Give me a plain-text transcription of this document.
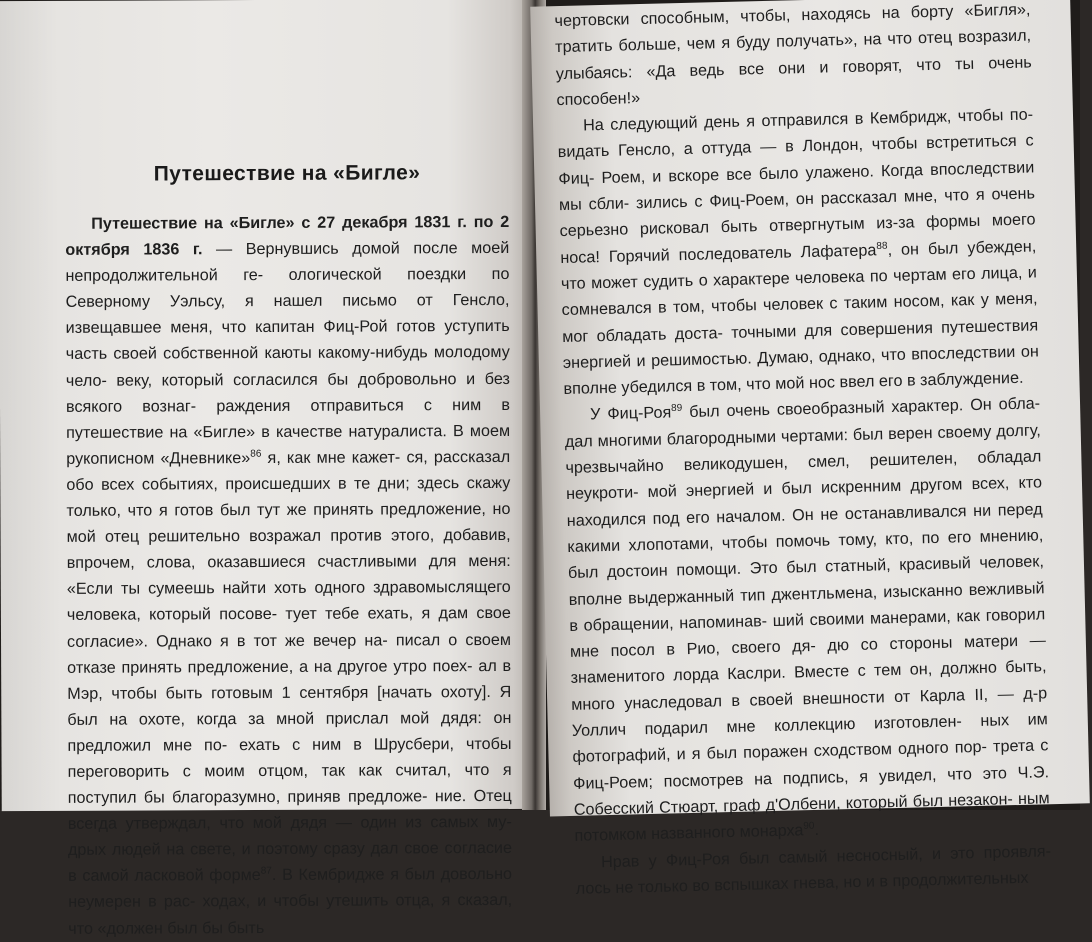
Путешествие на «Бигле»

Путешествие на «Бигле» с 27 декабря 1831 г. по 2 октября 1836 г. — Вернувшись домой после моей непродолжительной ге- ологической поездки по Северному Уэльсу, я нашел письмо от Генсло, извещавшее меня, что капитан Фиц-Рой готов уступить часть своей собственной каюты какому-нибудь молодому чело- веку, который согласился бы добровольно и без всякого вознаг- раждения отправиться с ним в путешествие на «Бигле» в качестве натуралиста. В моем рукописном «Дневнике»$^{86}$ я, как мне кажет- ся, рассказал обо всех событиях, происшедших в те дни; здесь скажу только, что я готов был тут же принять предложение, но мой отец решительно возражал против этого, добавив, впрочем, слова, оказавшиеся счастливыми для меня: «Если ты сумеешь найти хоть одного здравомыслящего человека, который посове- тует тебе ехать, я дам свое согласие». Однако я в тот же вечер на- писал о своем отказе принять предложение, а на другое утро поех- ал в Мэр, чтобы быть готовым 1 сентября [начать охоту]. Я был на охоте, когда за мной прислал мой дядя: он предложил мне по- ехать с ним в Шрусбери, чтобы переговорить с моим отцом, так как считал, что я поступил бы благоразумно, приняв предложе- ние. Отец всегда утверждал, что мой дядя — один из самых му- дрых людей на свете, и поэтому сразу дал свое согласие в самой ласковой форме$^{87}$. В Кембридже я был довольно неумерен в рас- ходах, и чтобы утешить отца, я сказал, что «должен был бы быть

чертовски способным, чтобы, находясь на борту «Бигля», тратить больше, чем я буду получать», на что отец возразил, улыбаясь: «Да ведь все они и говорят, что ты очень способен!»

На следующий день я отправился в Кембридж, чтобы по- видать Генсло, а оттуда — в Лондон, чтобы встретиться с Фиц- Роем, и вскоре все было улажено. Когда впоследствии мы сбли- зились с Фиц-Роем, он рассказал мне, что я очень серьезно рисковал быть отвергнутым из-за формы моего носа! Горячий последователь Лафатера$^{88}$, он был убежден, что может судить о характере человека по чертам его лица, и сомневался в том, чтобы человек с таким носом, как у меня, мог обладать доста- точными для совершения путешествия энергией и решимостью. Думаю, однако, что впоследствии он вполне убедился в том, что мой нос ввел его в заблуждение.

У Фиц-Роя$^{89}$ был очень своеобразный характер. Он обла- дал многими благородными чертами: был верен своему долгу, чрезвычайно великодушен, смел, решителен, обладал неукроти- мой энергией и был искренним другом всех, кто находился под его началом. Он не останавливался ни перед какими хлопотами, чтобы помочь тому, кто, по его мнению, был достоин помощи. Это был статный, красивый человек, вполне выдержанный тип джентльмена, изысканно вежливый в обращении, напоминав- ший своими манерами, как говорил мне посол в Рио, своего дя- дю со стороны матери — знаменитого лорда Каслри. Вместе с тем он, должно быть, много унаследовал в своей внешности от Карла II, — д-р Уоллич подарил мне коллекцию изготовлен- ных им фотографий, и я был поражен сходством одного пор- трета с Фиц-Роем; посмотрев на подпись, я увидел, что это Ч.Э. Собесский Стюарт, граф д'Олбени, который был незакон- ным потомком названного монарха$^{90}$.

Нрав у Фиц-Роя был самый несносный, и это проявля- лось не только во вспышках гнева, но и в продолжительных
